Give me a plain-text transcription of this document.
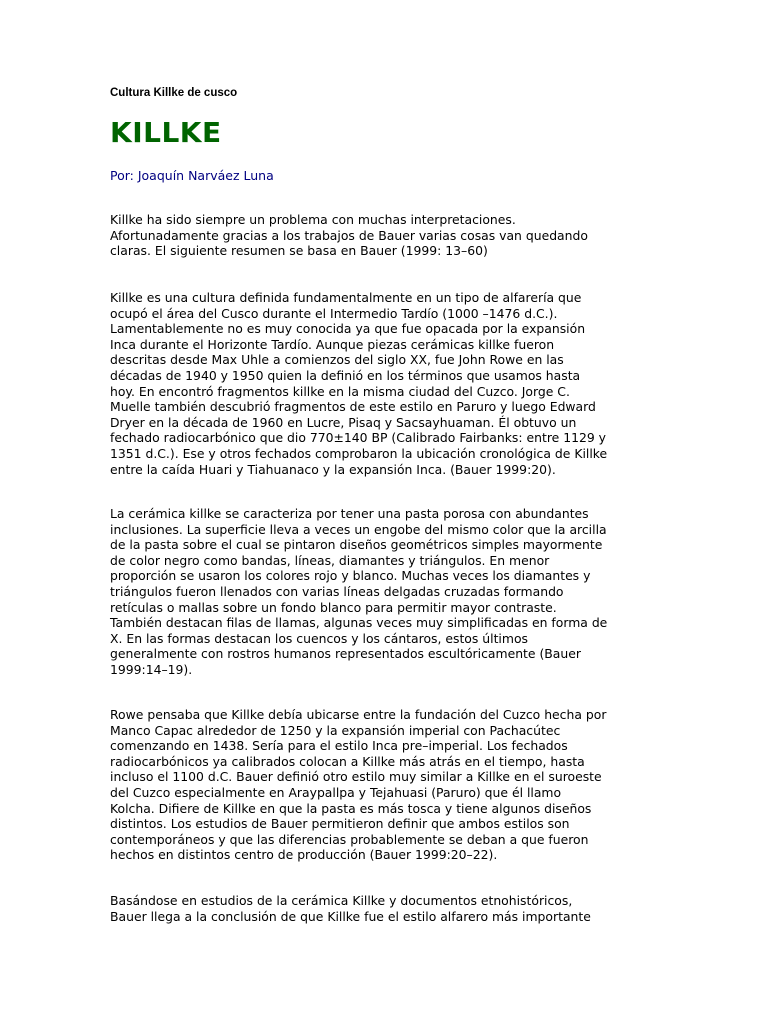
Cultura Killke de cusco
KILLKE
Por: Joaquín Narváez Luna

Killke ha sido siempre un problema con muchas interpretaciones.
Afortunadamente gracias a los trabajos de Bauer varias cosas van quedando
claras. El siguiente resumen se basa en Bauer (1999: 13–60)

Killke es una cultura definida fundamentalmente en un tipo de alfarería que
ocupó el área del Cusco durante el Intermedio Tardío (1000 –1476 d.C.).
Lamentablemente no es muy conocida ya que fue opacada por la expansión
Inca durante el Horizonte Tardío. Aunque piezas cerámicas killke fueron
descritas desde Max Uhle a comienzos del siglo XX, fue John Rowe en las
décadas de 1940 y 1950 quien la definió en los términos que usamos hasta
hoy. En encontró fragmentos killke en la misma ciudad del Cuzco. Jorge C.
Muelle también descubrió fragmentos de este estilo en Paruro y luego Edward
Dryer en la década de 1960 en Lucre, Pisaq y Sacsayhuaman. Él obtuvo un
fechado radiocarbónico que dio 770±140 BP (Calibrado Fairbanks: entre 1129 y
1351 d.C.). Ese y otros fechados comprobaron la ubicación cronológica de Killke
entre la caída Huari y Tiahuanaco y la expansión Inca. (Bauer 1999:20).

La cerámica killke se caracteriza por tener una pasta porosa con abundantes
inclusiones. La superficie lleva a veces un engobe del mismo color que la arcilla
de la pasta sobre el cual se pintaron diseños geométricos simples mayormente
de color negro como bandas, líneas, diamantes y triángulos. En menor
proporción se usaron los colores rojo y blanco. Muchas veces los diamantes y
triángulos fueron llenados con varias líneas delgadas cruzadas formando
retículas o mallas sobre un fondo blanco para permitir mayor contraste.
También destacan filas de llamas, algunas veces muy simplificadas en forma de
X. En las formas destacan los cuencos y los cántaros, estos últimos
generalmente con rostros humanos representados escultóricamente (Bauer
1999:14–19).

Rowe pensaba que Killke debía ubicarse entre la fundación del Cuzco hecha por
Manco Capac alrededor de 1250 y la expansión imperial con Pachacútec
comenzando en 1438. Sería para el estilo Inca pre–imperial. Los fechados
radiocarbónicos ya calibrados colocan a Killke más atrás en el tiempo, hasta
incluso el 1100 d.C. Bauer definió otro estilo muy similar a Killke en el suroeste
del Cuzco especialmente en Araypallpa y Tejahuasi (Paruro) que él llamo
Kolcha. Difiere de Killke en que la pasta es más tosca y tiene algunos diseños
distintos. Los estudios de Bauer permitieron definir que ambos estilos son
contemporáneos y que las diferencias probablemente se deban a que fueron
hechos en distintos centro de producción (Bauer 1999:20–22).

Basándose en estudios de la cerámica Killke y documentos etnohistóricos,
Bauer llega a la conclusión de que Killke fue el estilo alfarero más importante
